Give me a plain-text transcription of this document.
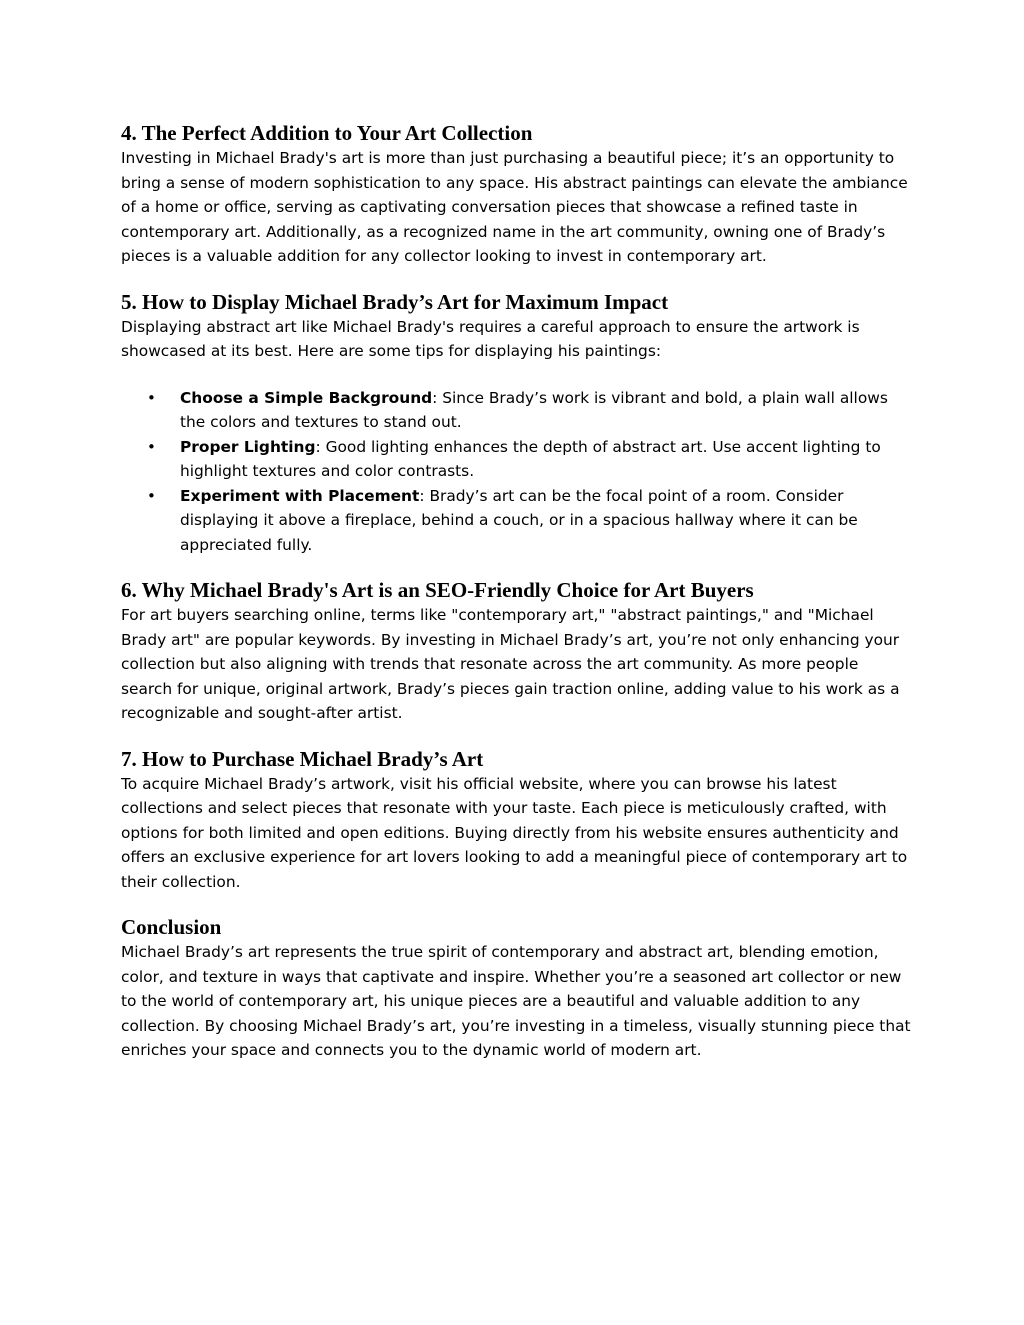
4. The Perfect Addition to Your Art Collection

Investing in Michael Brady's art is more than just purchasing a beautiful piece; it’s an opportunity to bring a sense of modern sophistication to any space. His abstract paintings can elevate the ambiance of a home or office, serving as captivating conversation pieces that showcase a refined taste in contemporary art. Additionally, as a recognized name in the art community, owning one of Brady’s pieces is a valuable addition for any collector looking to invest in contemporary art.

5. How to Display Michael Brady’s Art for Maximum Impact

Displaying abstract art like Michael Brady's requires a careful approach to ensure the artwork is showcased at its best. Here are some tips for displaying his paintings:

• Choose a Simple Background: Since Brady’s work is vibrant and bold, a plain wall allows the colors and textures to stand out.
• Proper Lighting: Good lighting enhances the depth of abstract art. Use accent lighting to highlight textures and color contrasts.
• Experiment with Placement: Brady’s art can be the focal point of a room. Consider displaying it above a fireplace, behind a couch, or in a spacious hallway where it can be appreciated fully.
6. Why Michael Brady's Art is an SEO-Friendly Choice for Art Buyers

For art buyers searching online, terms like "contemporary art," "abstract paintings," and "Michael Brady art" are popular keywords. By investing in Michael Brady’s art, you’re not only enhancing your collection but also aligning with trends that resonate across the art community. As more people search for unique, original artwork, Brady’s pieces gain traction online, adding value to his work as a recognizable and sought-after artist.

7. How to Purchase Michael Brady’s Art

To acquire Michael Brady’s artwork, visit his official website, where you can browse his latest collections and select pieces that resonate with your taste. Each piece is meticulously crafted, with options for both limited and open editions. Buying directly from his website ensures authenticity and offers an exclusive experience for art lovers looking to add a meaningful piece of contemporary art to their collection.

Conclusion

Michael Brady’s art represents the true spirit of contemporary and abstract art, blending emotion, color, and texture in ways that captivate and inspire. Whether you’re a seasoned art collector or new to the world of contemporary art, his unique pieces are a beautiful and valuable addition to any collection. By choosing Michael Brady’s art, you’re investing in a timeless, visually stunning piece that enriches your space and connects you to the dynamic world of modern art.
